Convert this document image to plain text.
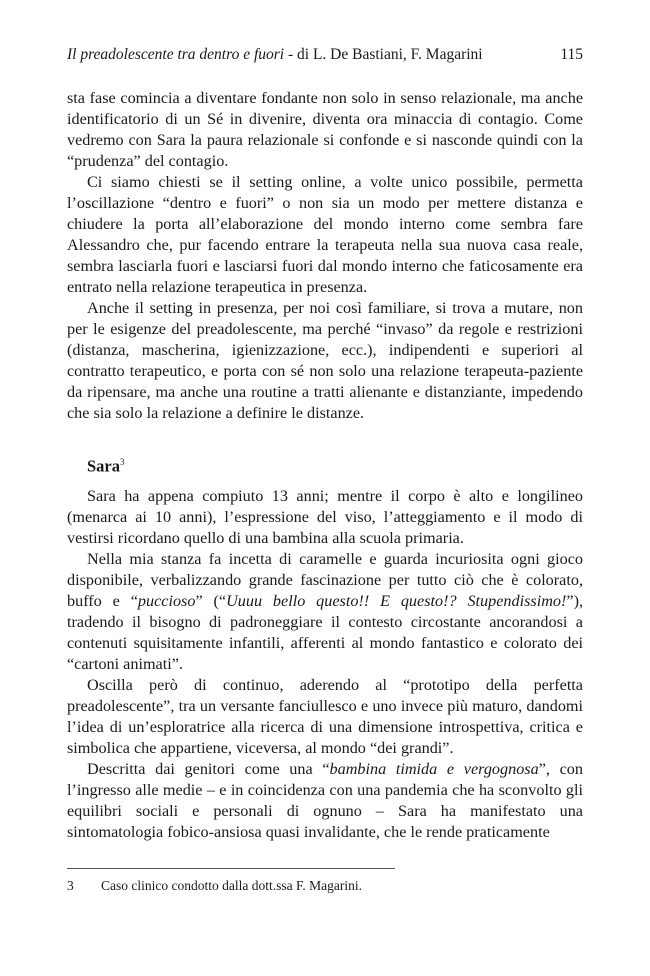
Il preadolescente tra dentro e fuori - di L. De Bastiani, F. Magarini	115

sta fase comincia a diventare fondante non solo in senso relazionale, ma anche identificatorio di un Sé in divenire, diventa ora minaccia di contagio. Come vedremo con Sara la paura relazionale si confonde e si nasconde quindi con la “prudenza” del contagio.

Ci siamo chiesti se il setting online, a volte unico possibile, permetta l’oscillazione “dentro e fuori” o non sia un modo per mettere distanza e chiudere la porta all’elaborazione del mondo interno come sembra fare Alessandro che, pur facendo entrare la terapeuta nella sua nuova casa reale, sembra lasciarla fuori e lasciarsi fuori dal mondo interno che faticosamente era entrato nella relazione terapeutica in presenza.

Anche il setting in presenza, per noi così familiare, si trova a mutare, non per le esigenze del preadolescente, ma perché “invaso” da regole e restrizioni (distanza, mascherina, igienizzazione, ecc.), indipendenti e superiori al contratto terapeutico, e porta con sé non solo una relazione terapeuta-paziente da ripensare, ma anche una routine a tratti alienante e distanziante, impedendo che sia solo la relazione a definire le distanze.

Sara$^3$

Sara ha appena compiuto 13 anni; mentre il corpo è alto e longilineo (menarca ai 10 anni), l’espressione del viso, l’atteggiamento e il modo di vestirsi ricordano quello di una bambina alla scuola primaria.

Nella mia stanza fa incetta di caramelle e guarda incuriosita ogni gioco disponibile, verbalizzando grande fascinazione per tutto ciò che è colorato, buffo e “puccioso” (“Uuuu bello questo!! E questo!? Stupendissimo!”), tradendo il bisogno di padroneggiare il contesto circostante ancorandosi a contenuti squisitamente infantili, afferenti al mondo fantastico e colorato dei “cartoni animati”.

Oscilla però di continuo, aderendo al “prototipo della perfetta preadolescente”, tra un versante fanciullesco e uno invece più maturo, dandomi l’idea di un’esploratrice alla ricerca di una dimensione introspettiva, critica e simbolica che appartiene, viceversa, al mondo “dei grandi”.

Descritta dai genitori come una “bambina timida e vergognosa”, con l’ingresso alle medie – e in coincidenza con una pandemia che ha sconvolto gli equilibri sociali e personali di ognuno – Sara ha manifestato una sintomatologia fobico-ansiosa quasi invalidante, che le rende praticamente

3 Caso clinico condotto dalla dott.ssa F. Magarini.
